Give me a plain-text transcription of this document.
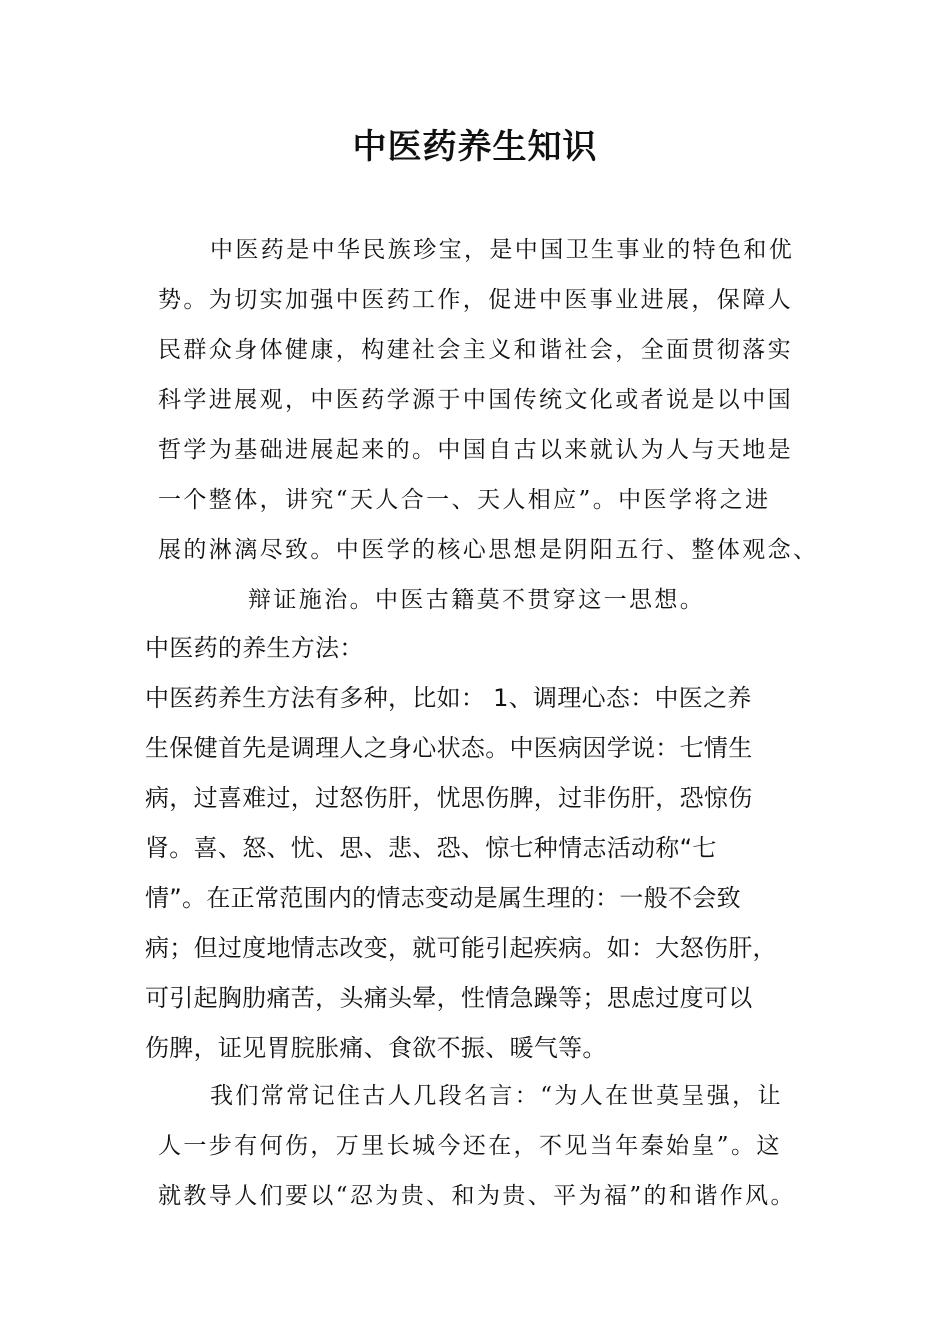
中医药养生知识
中医药是中华民族珍宝，是中国卫生事业的特色和优
势。为切实加强中医药工作，促进中医事业进展，保障人
民群众身体健康，构建社会主义和谐社会，全面贯彻落实
科学进展观，中医药学源于中国传统文化或者说是以中国
哲学为基础进展起来的。中国自古以来就认为人与天地是
一个整体，讲究“天人合一、天人相应”。中医学将之进
展的淋漓尽致。中医学的核心思想是阴阳五行、整体观念、
辩证施治。中医古籍莫不贯穿这一思想。
中医药的养生方法：
中医药养生方法有多种，比如： 1、调理心态：中医之养
生保健首先是调理人之身心状态。中医病因学说：七情生
病，过喜难过，过怒伤肝，忧思伤脾，过非伤肝，恐惊伤
肾。喜、怒、忧、思、悲、恐、惊七种情志活动称“七
情”。在正常范围内的情志变动是属生理的：一般不会致
病；但过度地情志改变，就可能引起疾病。如：大怒伤肝，
可引起胸肋痛苦，头痛头晕，性情急躁等；思虑过度可以
伤脾，证见胃脘胀痛、食欲不振、暖气等。
我们常常记住古人几段名言：“为人在世莫呈强，让
人一步有何伤，万里长城今还在，不见当年秦始皇”。这
就教导人们要以“忍为贵、和为贵、平为福”的和谐作风。
